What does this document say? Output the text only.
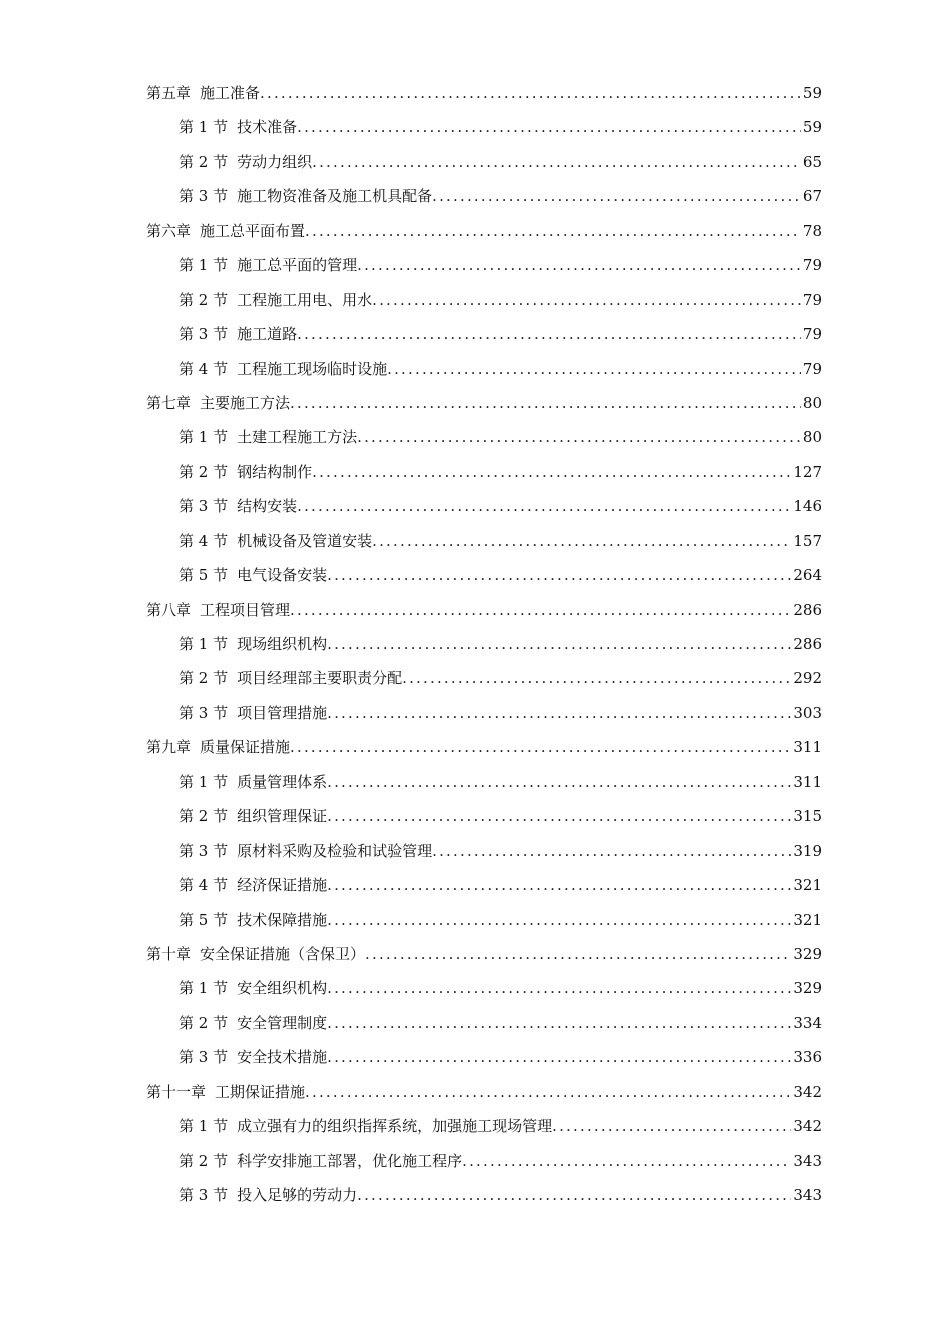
第五章 施工准备 .....	59
第 1 节 技术准备 .....	59
第 2 节 劳动力组织 .....	65
第 3 节 施工物资准备及施工机具配备 .....	67
第六章 施工总平面布置 .....	78
第 1 节 施工总平面的管理 .....	79
第 2 节 工程施工用电、用水 .....	79
第 3 节 施工道路 .....	79
第 4 节 工程施工现场临时设施 .....	79
第七章 主要施工方法 .....	80
第 1 节 土建工程施工方法 .....	80
第 2 节 钢结构制作 .....	127
第 3 节 结构安装 .....	146
第 4 节 机械设备及管道安装 .....	157
第 5 节 电气设备安装 .....	264
第八章 工程项目管理 .....	286
第 1 节 现场组织机构 .....	286
第 2 节 项目经理部主要职责分配 .....	292
第 3 节 项目管理措施 .....	303
第九章 质量保证措施 .....	311
第 1 节 质量管理体系 .....	311
第 2 节 组织管理保证 .....	315
第 3 节 原材料采购及检验和试验管理 .....	319
第 4 节 经济保证措施 .....	321
第 5 节 技术保障措施 .....	321
第十章 安全保证措施（含保卫） .....	329
第 1 节 安全组织机构 .....	329
第 2 节 安全管理制度 .....	334
第 3 节 安全技术措施 .....	336
第十一章 工期保证措施 .....	342
第 1 节 成立强有力的组织指挥系统，加强施工现场管理 .....	342
第 2 节 科学安排施工部署，优化施工程序 .....	343
第 3 节 投入足够的劳动力 .....	343
